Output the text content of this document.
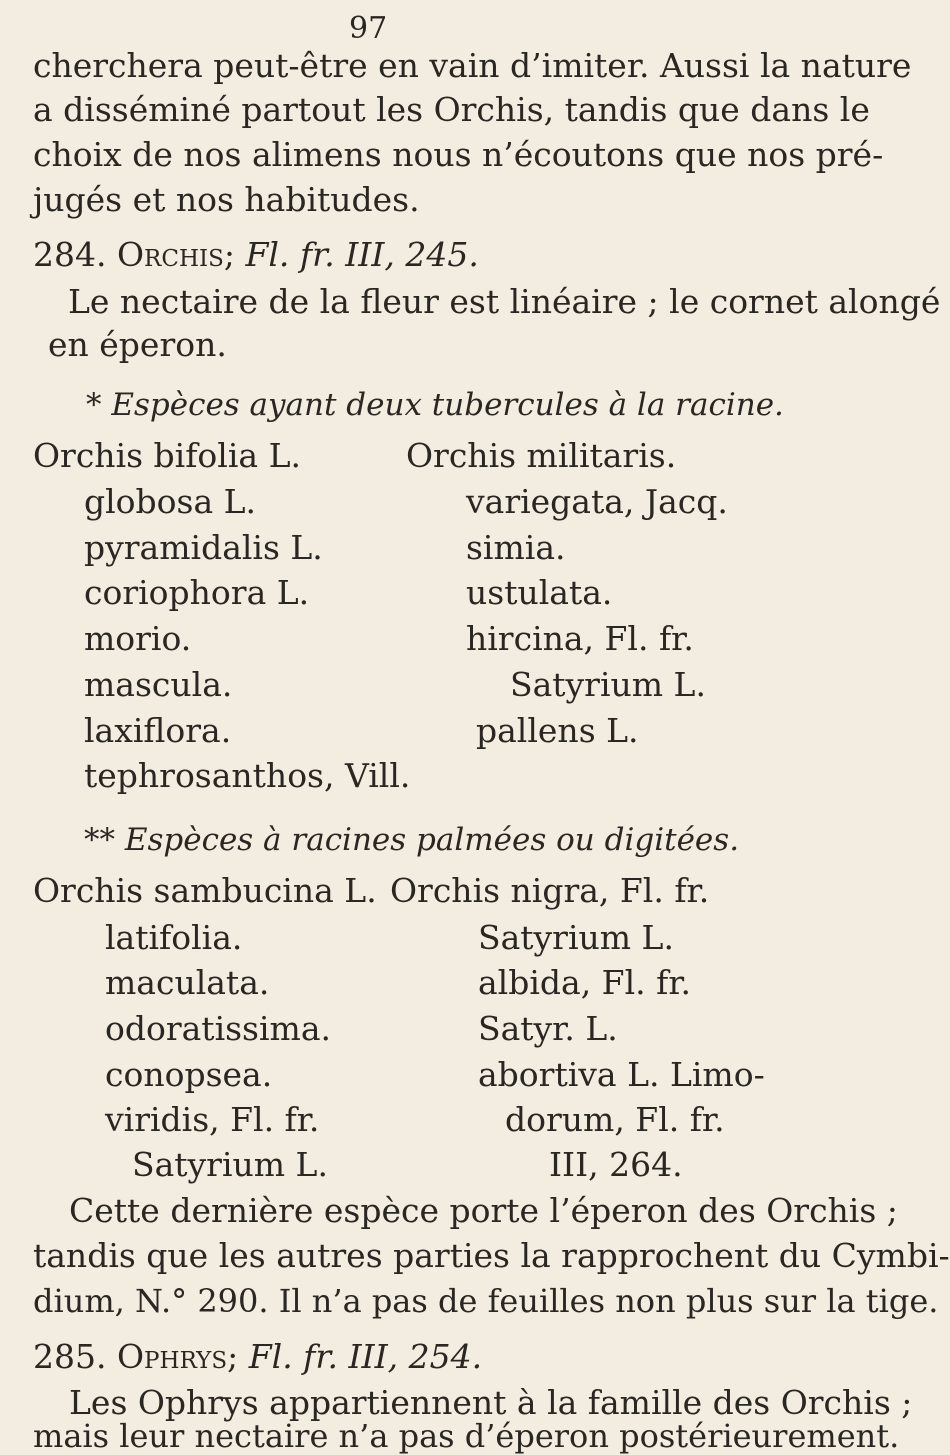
97
cherchera peut-être en vain d’imiter. Aussi la nature
a disséminé partout les Orchis, tandis que dans le
choix de nos alimens nous n’écoutons que nos pré-
jugés et nos habitudes.
284. Orchis; Fl. fr. III, 245.
Le nectaire de la fleur est linéaire ; le cornet alongé
en éperon.
* Espèces ayant deux tubercules à la racine.
Orchis bifolia L.
globosa L.
pyramidalis L.
coriophora L.
morio.
mascula.
laxiflora.
tephrosanthos, Vill.
Orchis militaris.
variegata, Jacq.
simia.
ustulata.
hircina, Fl. fr.
Satyrium L.
pallens L.
** Espèces à racines palmées ou digitées.
Orchis sambucina L.
latifolia.
maculata.
odoratissima.
conopsea.
viridis, Fl. fr.
Satyrium L.
Orchis nigra, Fl. fr.
Satyrium L.
albida, Fl. fr.
Satyr. L.
abortiva L. Limo-
dorum, Fl. fr.
III, 264.
Cette dernière espèce porte l’éperon des Orchis ;
tandis que les autres parties la rapprochent du Cymbi-
dium, N.° 290. Il n’a pas de feuilles non plus sur la tige.
285. Ophrys; Fl. fr. III, 254.
Les Ophrys appartiennent à la famille des Orchis ;
mais leur nectaire n’a pas d’éperon postérieurement.
